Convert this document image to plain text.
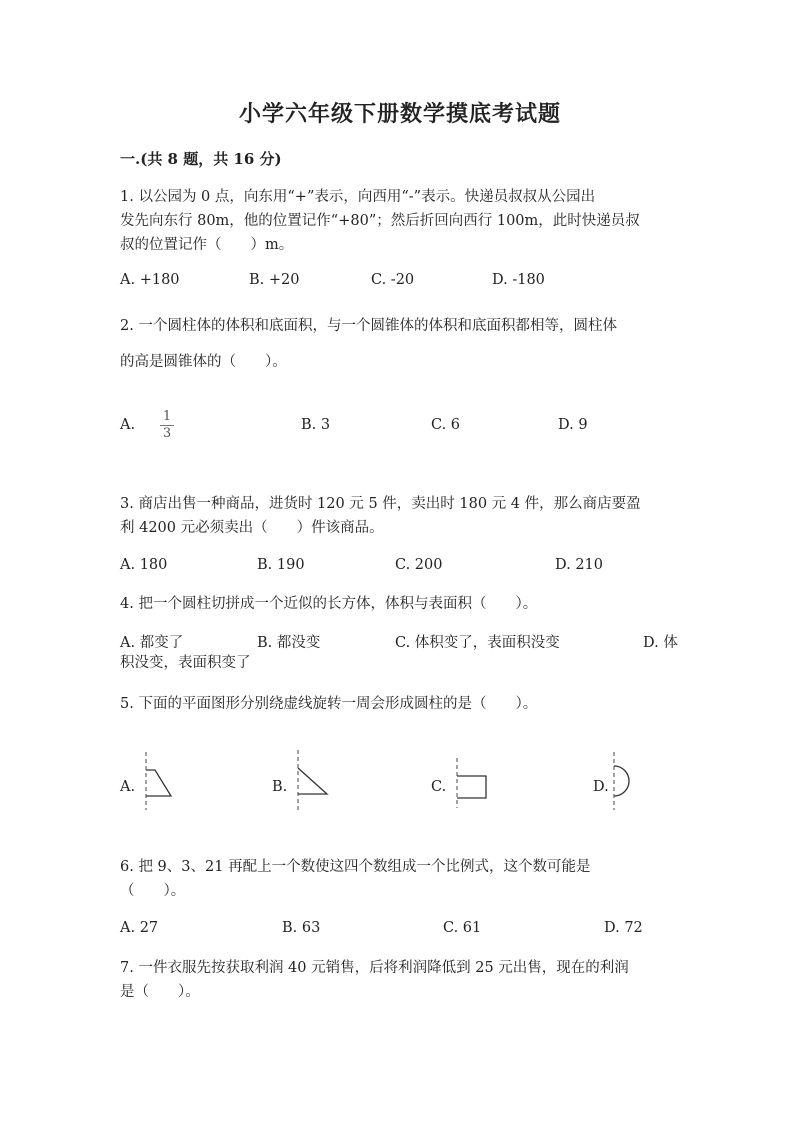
小学六年级下册数学摸底考试题
一.(共 8 题，共 16 分)
1. 以公园为 0 点，向东用“+”表示，向西用“-”表示。快递员叔叔从公园出
发先向东行 80m，他的位置记作“+80”；然后折回向西行 100m，此时快递员叔
叔的位置记作（　　）m。
A. +180	B. +20	C. -20	D. -180
2. 一个圆柱体的体积和底面积，与一个圆锥体的体积和底面积都相等，圆柱体
的高是圆锥体的（　　）。
A.
1
3
B. 3	C. 6	D. 9
3. 商店出售一种商品，进货时 120 元 5 件，卖出时 180 元 4 件，那么商店要盈
利 4200 元必须卖出（　　）件该商品。
A. 180	B. 190	C. 200	D. 210
4. 把一个圆柱切拼成一个近似的长方体，体积与表面积（　　）。
A. 都变了	B. 都没变	C. 体积变了，表面积没变	D. 体
积没变，表面积变了
5. 下面的平面图形分别绕虚线旋转一周会形成圆柱的是（　　）。
A.	B.	C.	D.
6. 把 9、3、21 再配上一个数使这四个数组成一个比例式，这个数可能是
（　　）。
A. 27	B. 63	C. 61	D. 72
7. 一件衣服先按获取利润 40 元销售，后将利润降低到 25 元出售，现在的利润
是（　　）。
